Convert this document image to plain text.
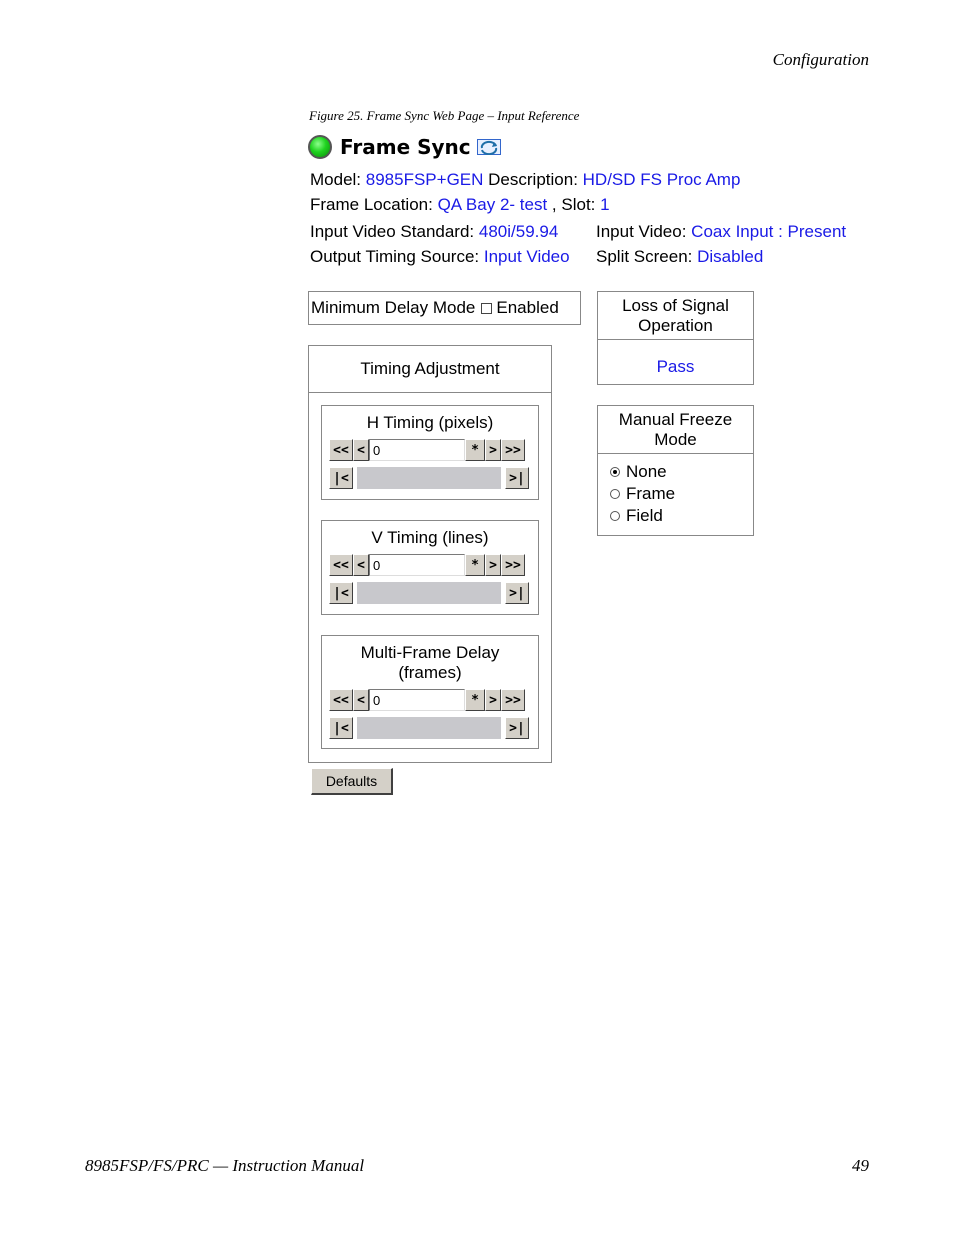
Configuration
Figure 25. Frame Sync Web Page – Input Reference
8985FSP/FS/PRC — Instruction Manual	49
Frame Sync
Model: 8985FSP+GEN Description: HD/SD FS Proc Amp
Frame Location: QA Bay 2- test , Slot: 1
Input Video Standard: 480i/59.94 Input Video: Coax Input : Present
Output Timing Source: Input Video Split Screen: Disabled
Minimum Delay Mode Enabled
Timing Adjustment
H Timing (pixels)
<< < 0	* > >>
|<	>|
V Timing (lines)
<< < 0	* > >>
|<	>|
Multi-Frame Delay (frames)
<< < 0	* > >>
|<	>|
Loss of Signal Operation
Pass
Manual Freeze Mode
None
Frame
Field
Defaults
